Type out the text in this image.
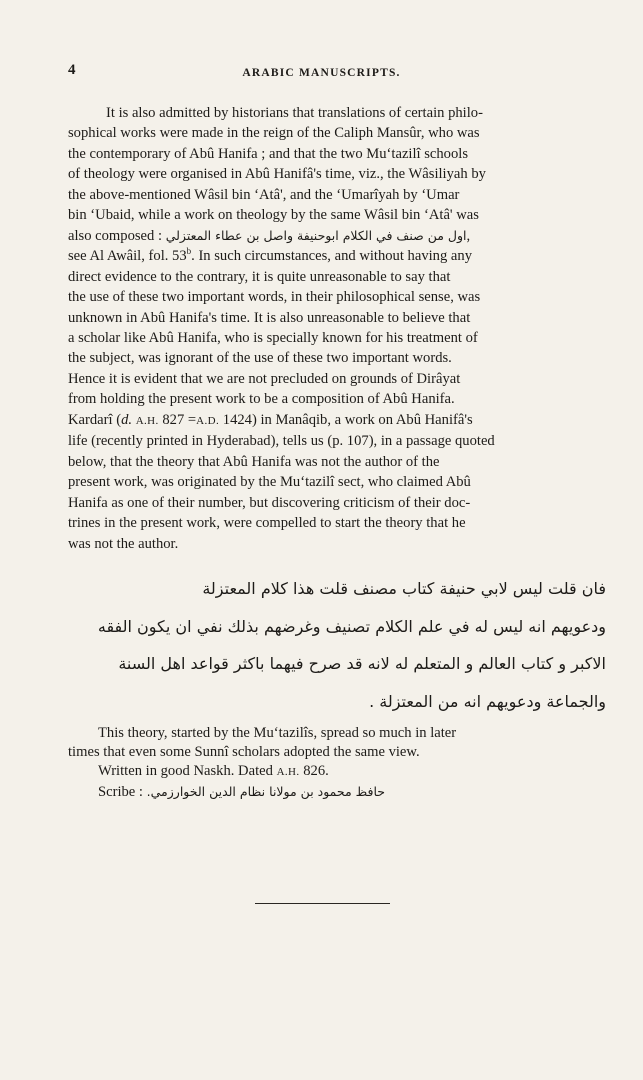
4	ARABIC MANUSCRIPTS.
It is also admitted by historians that translations of certain philo-
sophical works were made in the reign of the Caliph Mansûr, who was
the contemporary of Abû Hanifa ; and that the two Mu‘tazilî schools
of theology were organised in Abû Hanifâ's time, viz., the Wâsiliyah by
the above-mentioned Wâsil bin ‘Atâ', and the ‘Umarîyah by ‘Umar
bin ‘Ubaid, while a work on theology by the same Wâsil bin ‘Atâ' was
also composed : اول من صنف في الكلام ابوحنيفة واصل بن عطاء المعتزلي,
see Al Awâil, fol. 53$^b$. In such circumstances, and without having any
direct evidence to the contrary, it is quite unreasonable to say that
the use of these two important words, in their philosophical sense, was
unknown in Abû Hanifa's time. It is also unreasonable to believe that
a scholar like Abû Hanifa, who is specially known for his treatment of
the subject, was ignorant of the use of these two important words.
Hence it is evident that we are not precluded on grounds of Dirâyat
from holding the present work to be a composition of Abû Hanifa.
Kardarî (d. A.H. 827 =A.D. 1424) in Manâqib, a work on Abû Hanifâ's
life (recently printed in Hyderabad), tells us (p. 107), in a passage quoted
below, that the theory that Abû Hanifa was not the author of the
present work, was originated by the Mu‘tazilî sect, who claimed Abû
Hanifa as one of their number, but discovering criticism of their doc-
trines in the present work, were compelled to start the theory that he
was not the author.
فان قلت ليس لابي حنيفة كتاب مصنف قلت هذا كلام المعتزلة
ودعويهم انه ليس له في علم الكلام تصنيف وغرضهم بذلك نفي ان يكون الفقه
الاكبر و كتاب العالم و المتعلم له لانه قد صرح فيهما باكثر قواعد اهل السنة
والجماعة ودعويهم انه من المعتزلة .
This theory, started by the Mu‘tazilîs, spread so much in later
times that even some Sunnî scholars adopted the same view.
Written in good Naskh. Dated A.H. 826.
Scribe : حافظ محمود بن مولانا نظام الدين الخوارزمي.
